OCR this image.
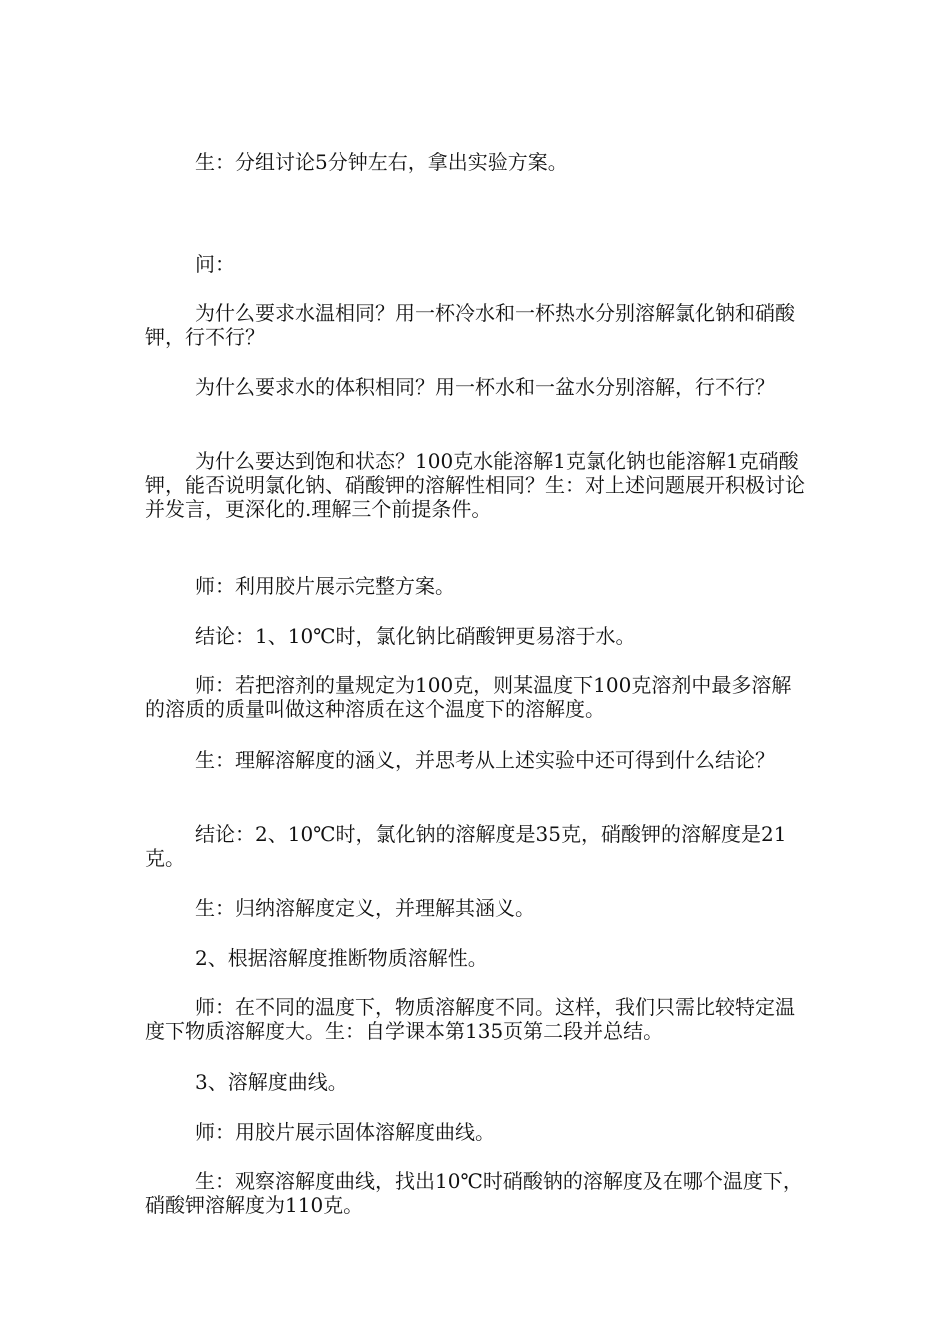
生：分组讨论5分钟左右，拿出实验方案。

问：

为什么要求水温相同？用一杯冷水和一杯热水分别溶解氯化钠和硝酸钾，行不行？

为什么要求水的体积相同？用一杯水和一盆水分别溶解，行不行？

为什么要达到饱和状态？100克水能溶解1克氯化钠也能溶解1克硝酸钾，能否说明氯化钠、硝酸钾的溶解性相同？生：对上述问题展开积极讨论并发言，更深化的.理解三个前提条件。

师：利用胶片展示完整方案。

结论：1、10℃时，氯化钠比硝酸钾更易溶于水。

师：若把溶剂的量规定为100克，则某温度下100克溶剂中最多溶解的溶质的质量叫做这种溶质在这个温度下的溶解度。

生：理解溶解度的涵义，并思考从上述实验中还可得到什么结论？

结论：2、10℃时，氯化钠的溶解度是35克，硝酸钾的溶解度是21克。

生：归纳溶解度定义，并理解其涵义。

2、根据溶解度推断物质溶解性。

师：在不同的温度下，物质溶解度不同。这样，我们只需比较特定温度下物质溶解度大。生：自学课本第135页第二段并总结。

3、溶解度曲线。

师：用胶片展示固体溶解度曲线。

生：观察溶解度曲线，找出10℃时硝酸钠的溶解度及在哪个温度下，硝酸钾溶解度为110克。
